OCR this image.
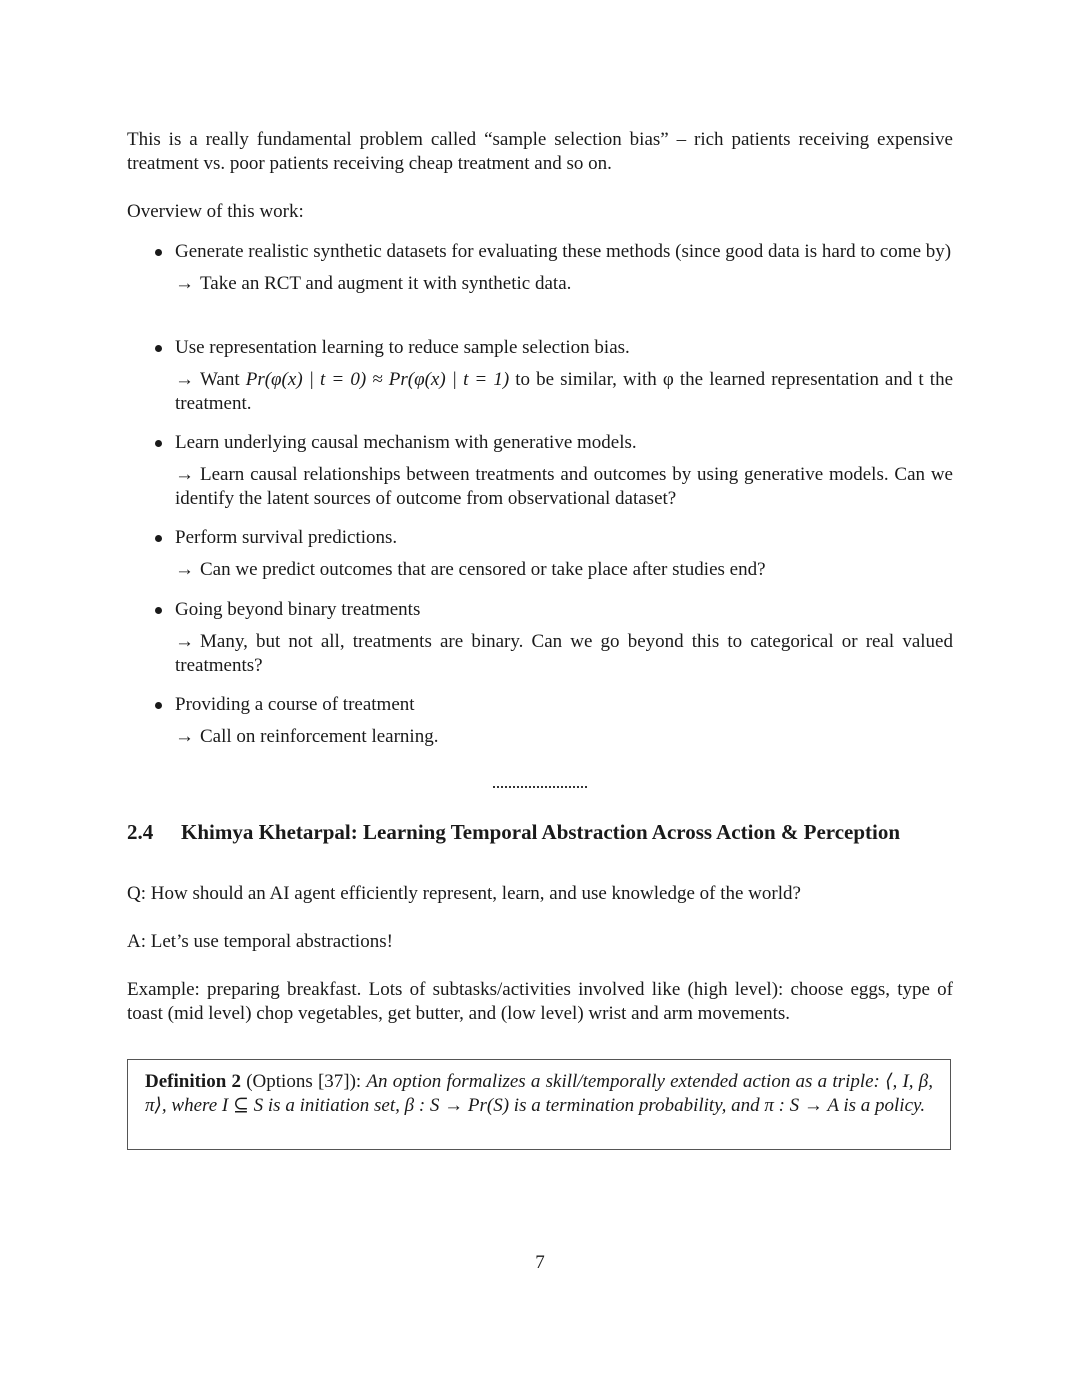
This is a really fundamental problem called “sample selection bias” – rich patients receiving expensive treatment vs. poor patients receiving cheap treatment and so on.

Overview of this work:

Generate realistic synthetic datasets for evaluating these methods (since good data is hard to come by)
→ Take an RCT and augment it with synthetic data.
Use representation learning to reduce sample selection bias.
→ Want Pr(φ(x) | t = 0) ≈ Pr(φ(x) | t = 1) to be similar, with φ the learned representation and t the treatment.
Learn underlying causal mechanism with generative models.
→ Learn causal relationships between treatments and outcomes by using generative models. Can we identify the latent sources of outcome from observational dataset?
Perform survival predictions.
→ Can we predict outcomes that are censored or take place after studies end?
Going beyond binary treatments
→ Many, but not all, treatments are binary. Can we go beyond this to categorical or real valued treatments?
Providing a course of treatment
→ Call on reinforcement learning.
2.4 Khimya Khetarpal: Learning Temporal Abstraction Across Action & Perception

Q: How should an AI agent efficiently represent, learn, and use knowledge of the world?

A: Let’s use temporal abstractions!

Example: preparing breakfast. Lots of subtasks/activities involved like (high level): choose eggs, type of toast (mid level) chop vegetables, get butter, and (low level) wrist and arm movements.

Definition 2 (Options [37]): An option formalizes a skill/temporally extended action as a triple: ⟨, I, β, π⟩, where I ⊆ S is a initiation set, β : S → Pr(S) is a termination probability, and π : S → A is a policy.

7
